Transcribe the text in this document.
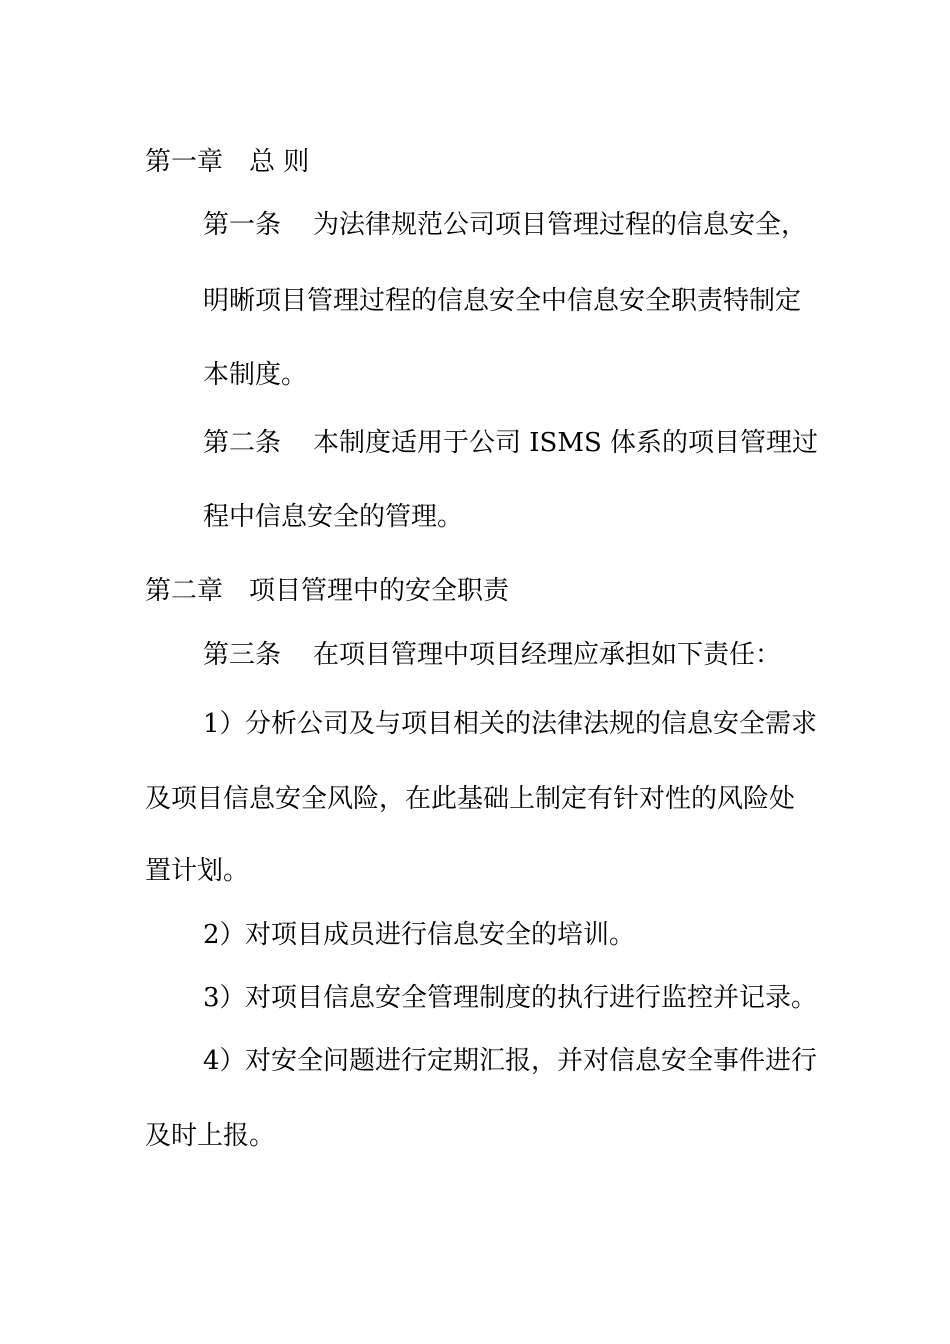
第一章 总 则
第一条 为法律规范公司项目管理过程的信息安全，
明晰项目管理过程的信息安全中信息安全职责特制定
本制度。
第二条 本制度适用于公司 ISMS 体系的项目管理过
程中信息安全的管理。
第二章 项目管理中的安全职责
第三条 在项目管理中项目经理应承担如下责任：
1）分析公司及与项目相关的法律法规的信息安全需求
及项目信息安全风险，在此基础上制定有针对性的风险处
置计划。
2）对项目成员进行信息安全的培训。
3）对项目信息安全管理制度的执行进行监控并记录。
4）对安全问题进行定期汇报，并对信息安全事件进行
及时上报。
